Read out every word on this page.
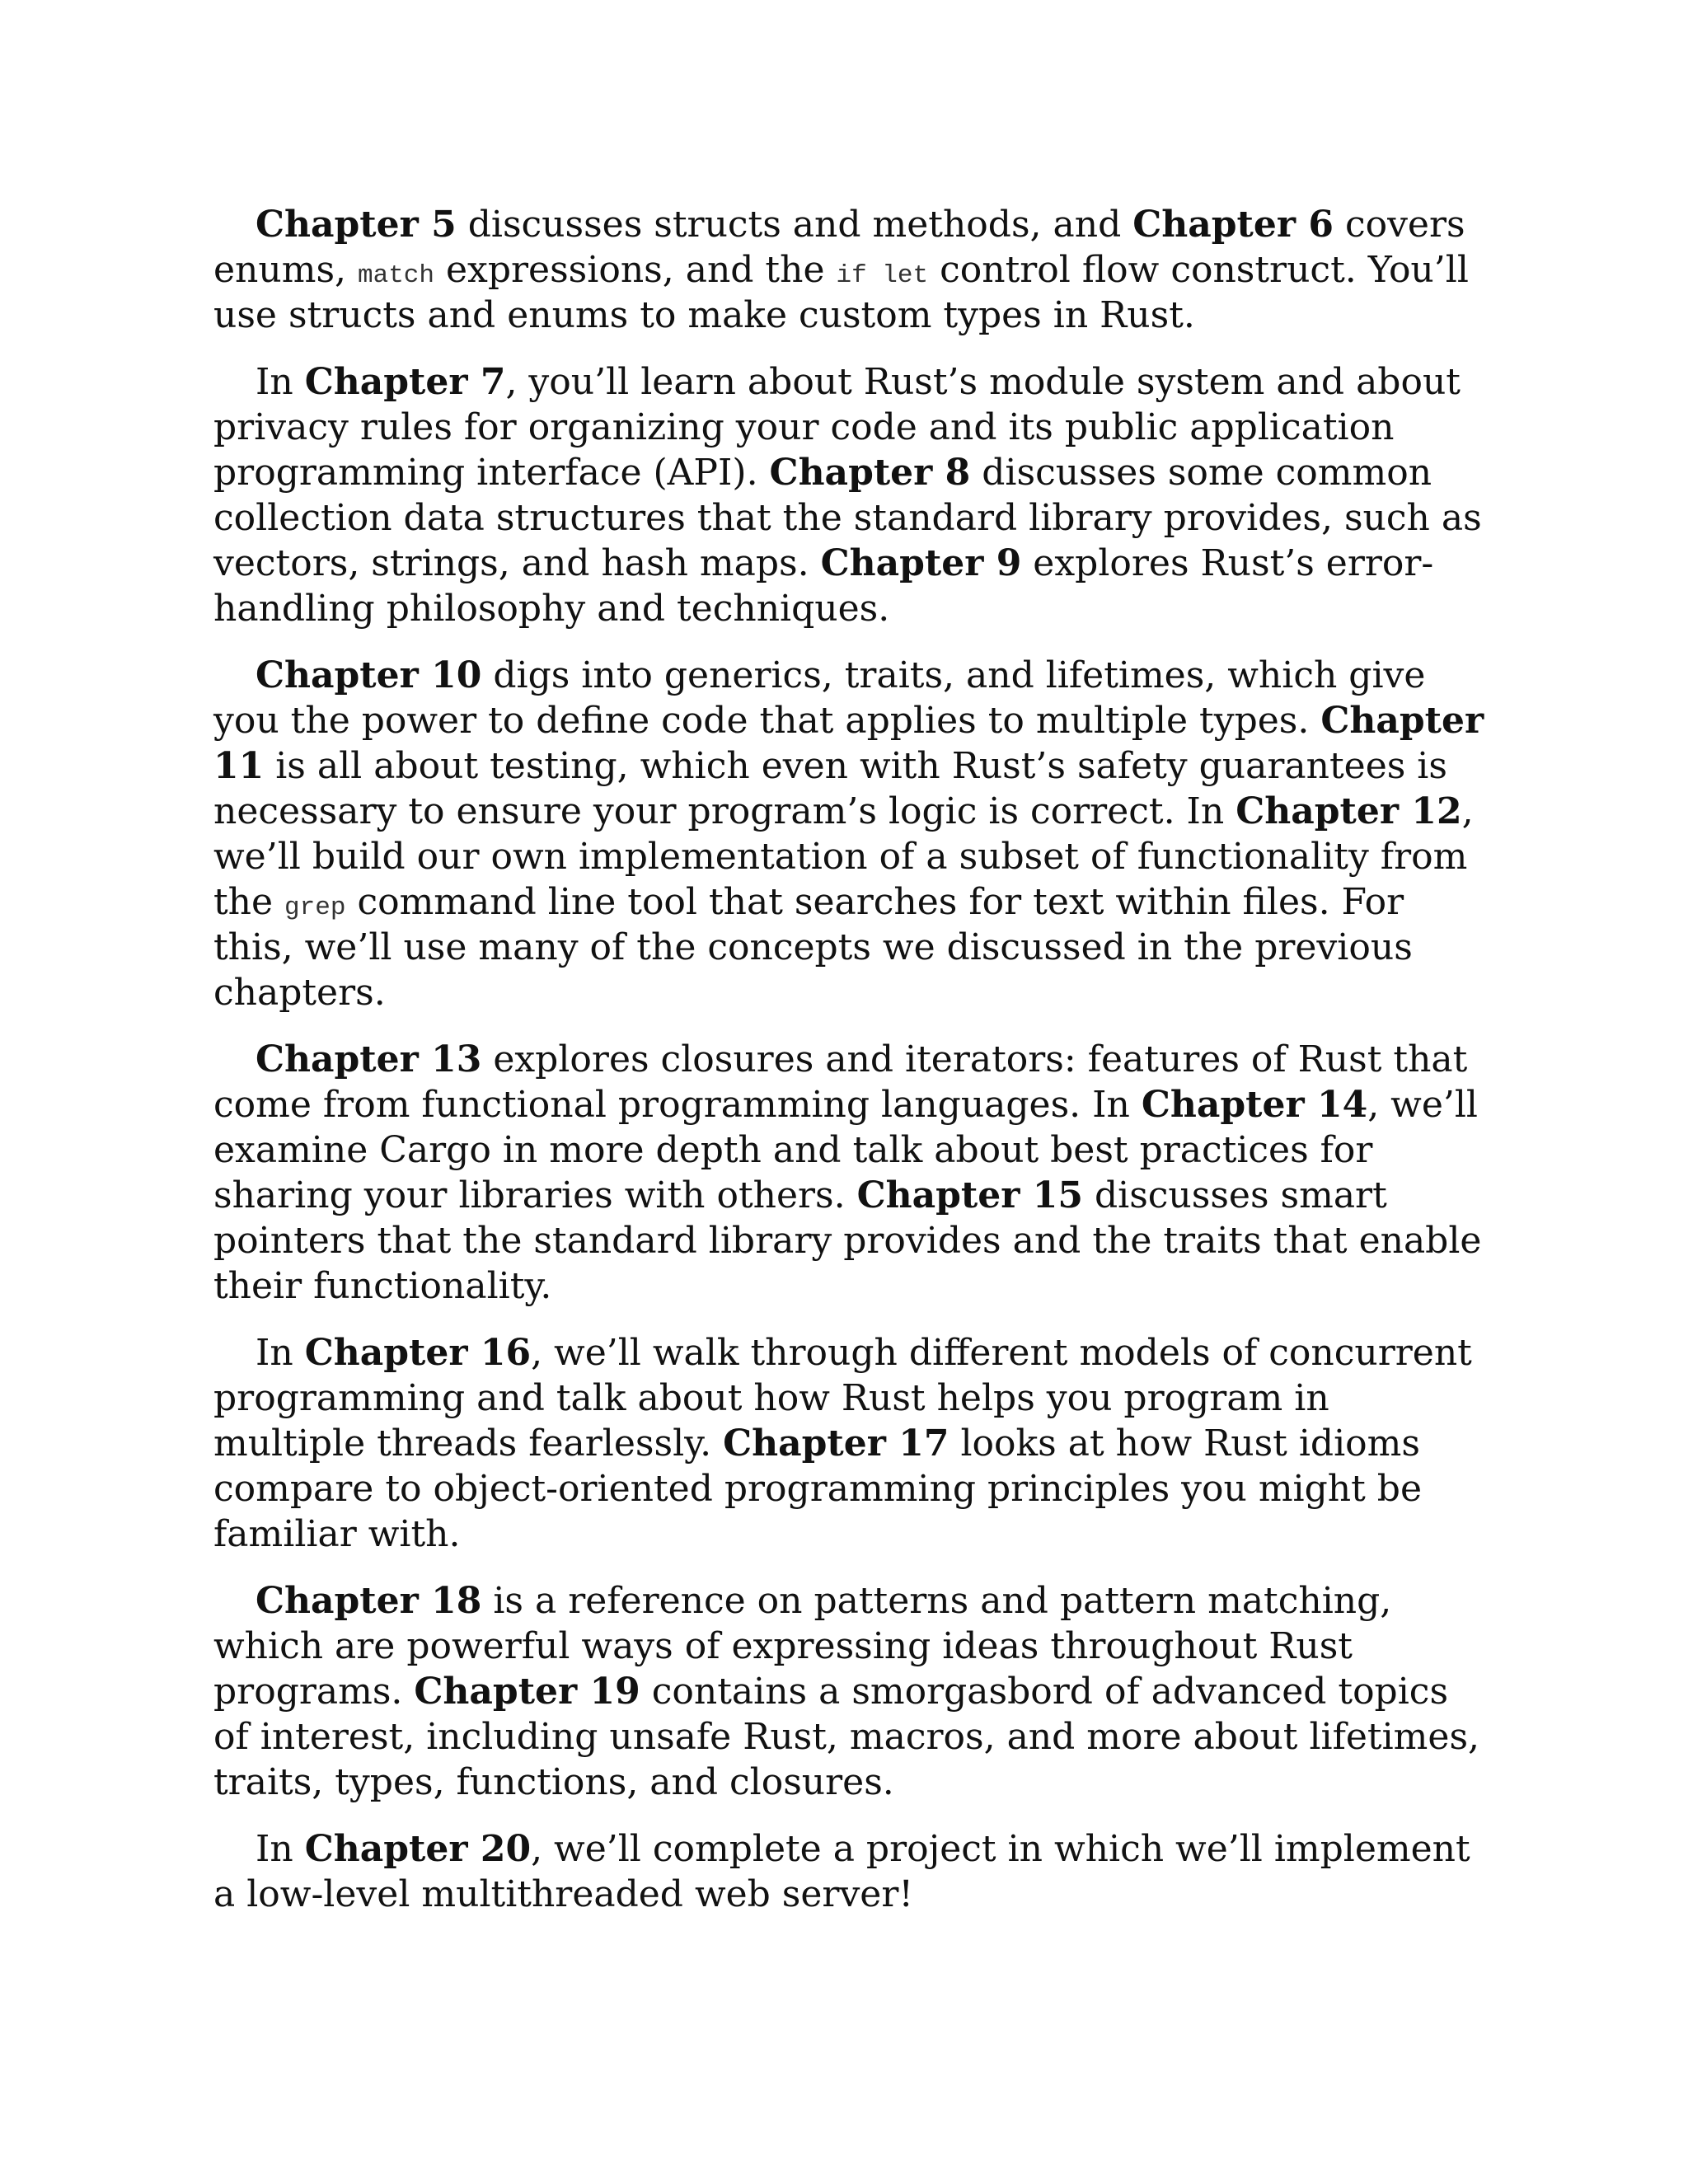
Chapter 5 discusses structs and methods, and Chapter 6 covers
enums, match expressions, and the if let control flow construct. You’ll
use structs and enums to make custom types in Rust.

In Chapter 7, you’ll learn about Rust’s module system and about
privacy rules for organizing your code and its public application
programming interface (API). Chapter 8 discusses some common
collection data structures that the standard library provides, such as
vectors, strings, and hash maps. Chapter 9 explores Rust’s error-
handling philosophy and techniques.

Chapter 10 digs into generics, traits, and lifetimes, which give
you the power to define code that applies to multiple types. Chapter
11 is all about testing, which even with Rust’s safety guarantees is
necessary to ensure your program’s logic is correct. In Chapter 12,
we’ll build our own implementation of a subset of functionality from
the grep command line tool that searches for text within files. For
this, we’ll use many of the concepts we discussed in the previous
chapters.

Chapter 13 explores closures and iterators: features of Rust that
come from functional programming languages. In Chapter 14, we’ll
examine Cargo in more depth and talk about best practices for
sharing your libraries with others. Chapter 15 discusses smart
pointers that the standard library provides and the traits that enable
their functionality.

In Chapter 16, we’ll walk through different models of concurrent
programming and talk about how Rust helps you program in
multiple threads fearlessly. Chapter 17 looks at how Rust idioms
compare to object-oriented programming principles you might be
familiar with.

Chapter 18 is a reference on patterns and pattern matching,
which are powerful ways of expressing ideas throughout Rust
programs. Chapter 19 contains a smorgasbord of advanced topics
of interest, including unsafe Rust, macros, and more about lifetimes,
traits, types, functions, and closures.

In Chapter 20, we’ll complete a project in which we’ll implement
a low-level multithreaded web server!
